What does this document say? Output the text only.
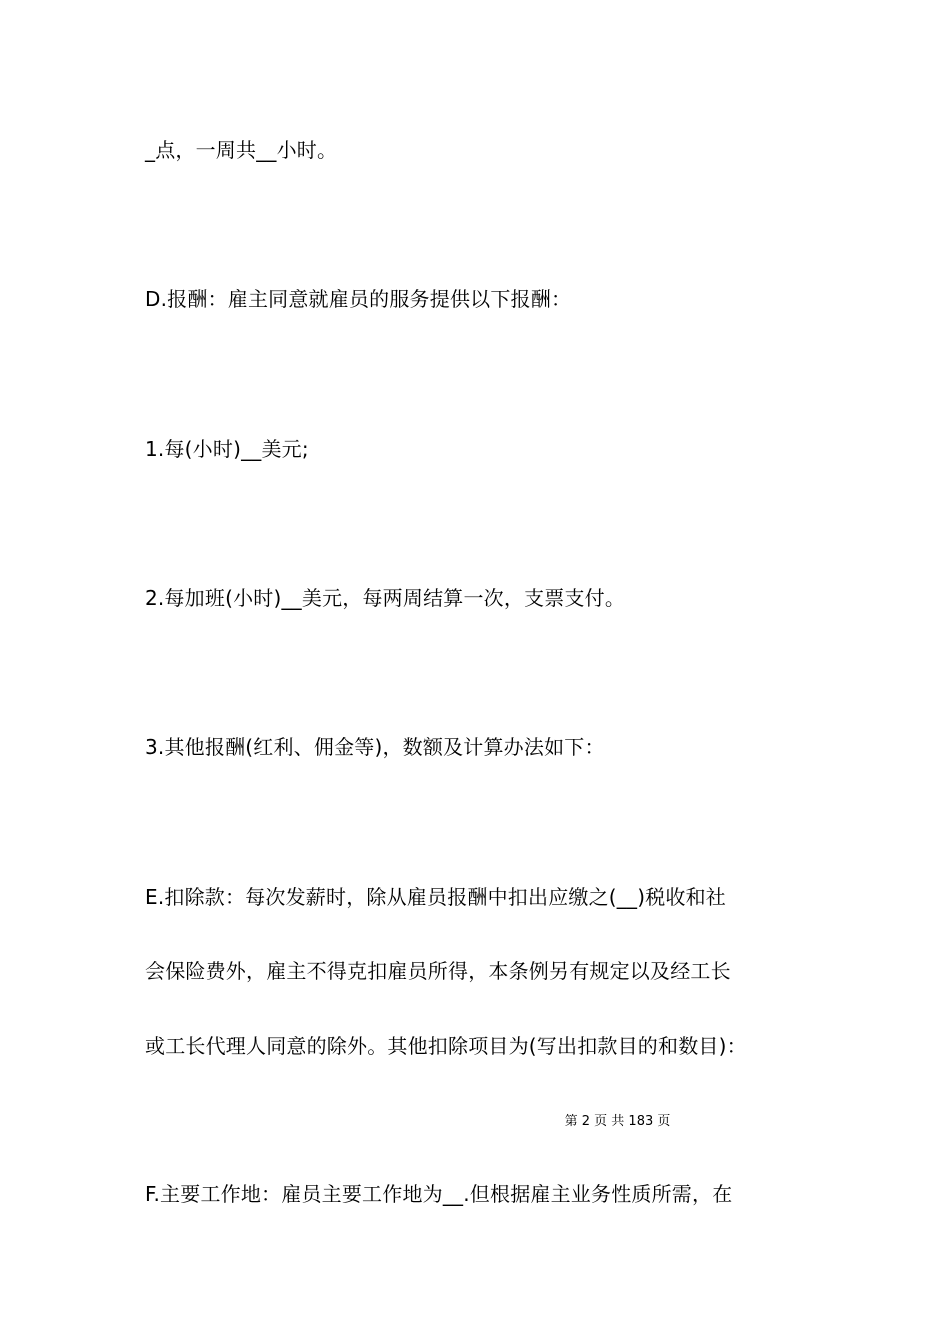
_点，一周共__小时。
D.报酬：雇主同意就雇员的服务提供以下报酬：
1.每(小时)__美元;
2.每加班(小时)__美元，每两周结算一次，支票支付。
3.其他报酬(红利、佣金等)，数额及计算办法如下：
E.扣除款：每次发薪时，除从雇员报酬中扣出应缴之(__)税收和社
会保险费外，雇主不得克扣雇员所得，本条例另有规定以及经工长
或工长代理人同意的除外。其他扣除项目为(写出扣款目的和数目)：
第 2 页 共 183 页
F.主要工作地：雇员主要工作地为__.但根据雇主业务性质所需，在
